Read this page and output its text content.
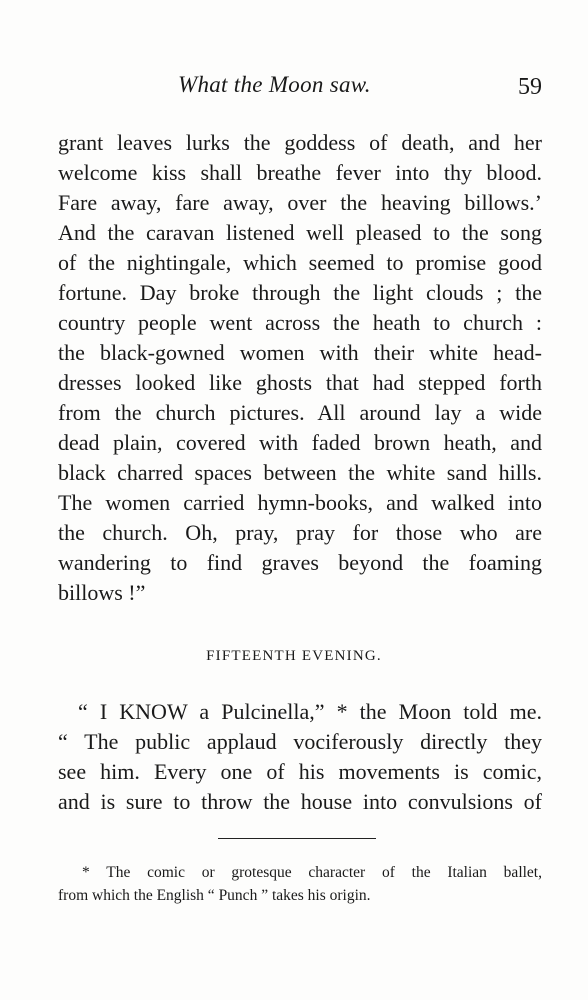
What the Moon saw.	59
grant leaves lurks the goddess of death, and her
welcome kiss shall breathe fever into thy blood.
Fare away, fare away, over the heaving billows.’
And the caravan listened well pleased to the song
of the nightingale, which seemed to promise good
fortune. Day broke through the light clouds ; the
country people went across the heath to church :
the black-gowned women with their white head-
dresses looked like ghosts that had stepped forth
from the church pictures. All around lay a wide
dead plain, covered with faded brown heath, and
black charred spaces between the white sand hills.
The women carried hymn-books, and walked into
the church. Oh, pray, pray for those who are
wandering to find graves beyond the foaming
billows !”
FIFTEENTH EVENING.
“ I KNOW a Pulcinella,” * the Moon told me.
“ The public applaud vociferously directly they
see him. Every one of his movements is comic,
and is sure to throw the house into convulsions of
* The comic or grotesque character of the Italian ballet,
from which the English “ Punch ” takes his origin.
